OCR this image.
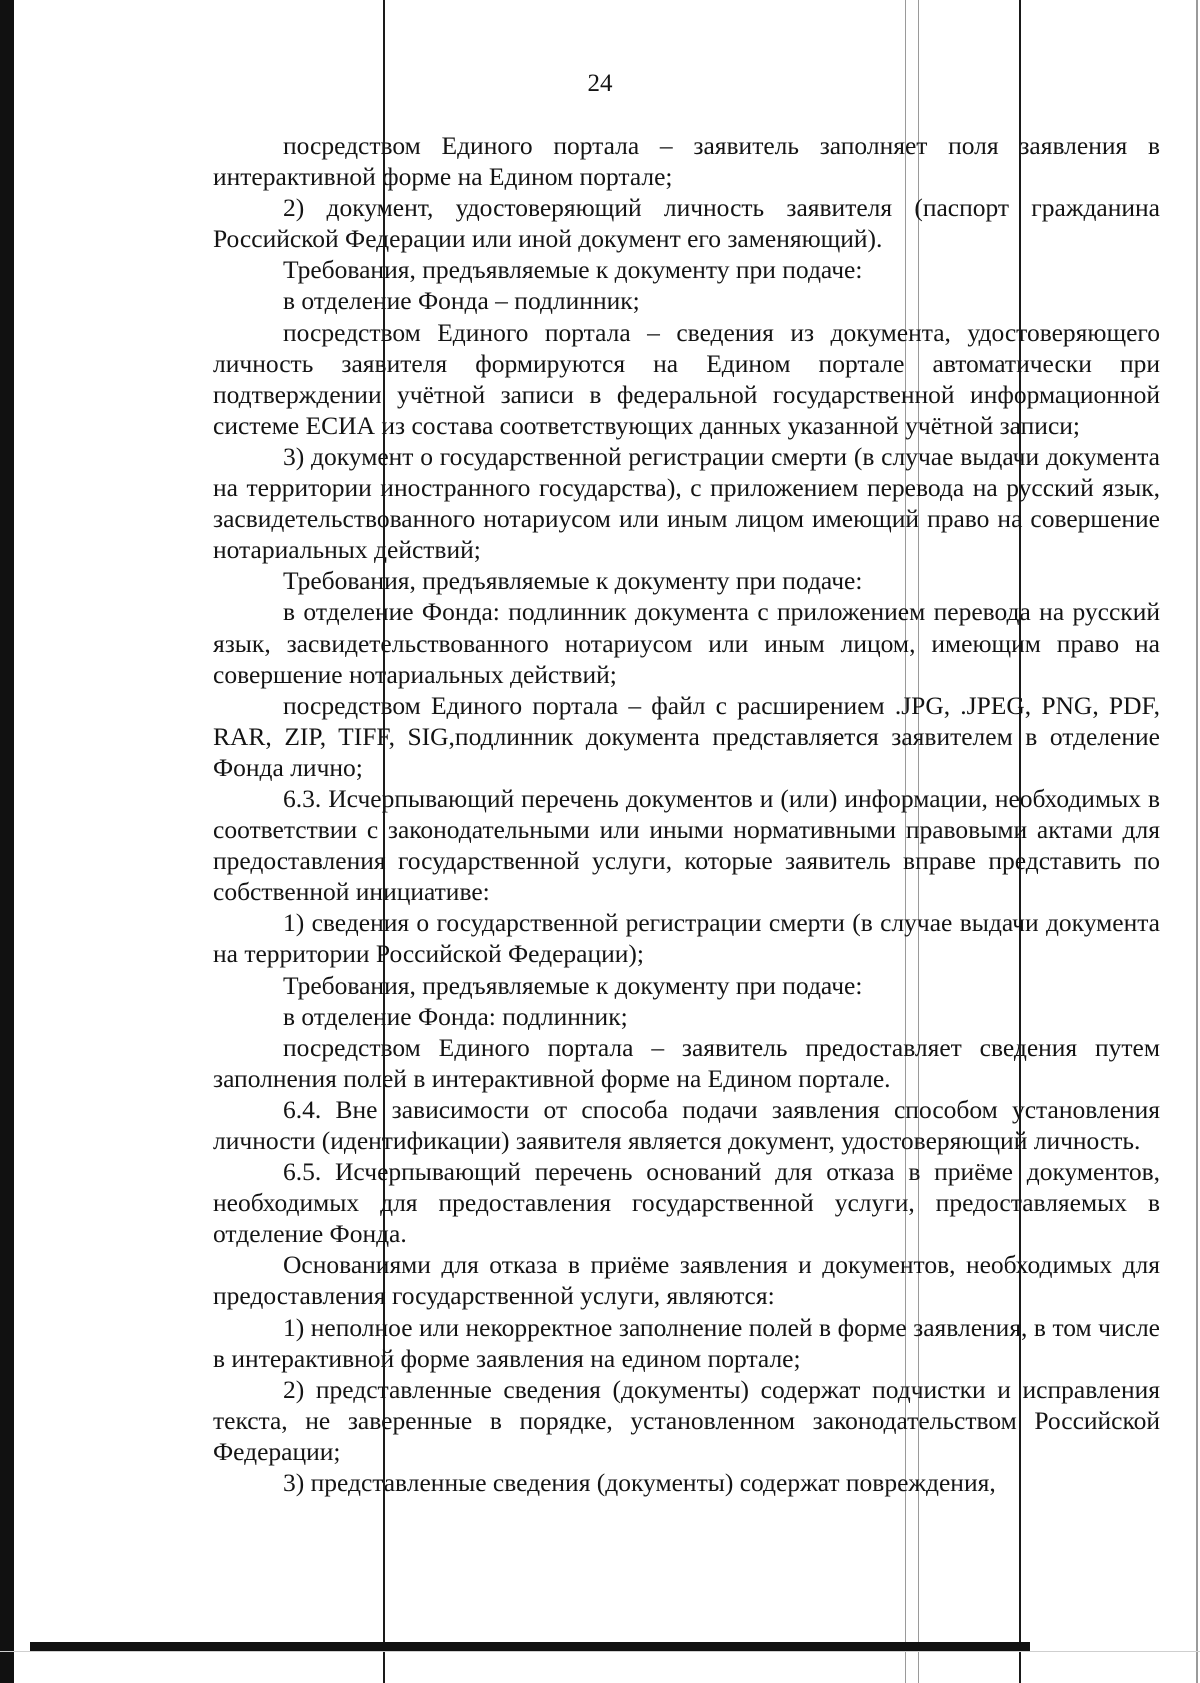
24

посредством Единого портала – заявитель заполняет поля заявления в интерактивной форме на Едином портале;

2) документ, удостоверяющий личность заявителя (паспорт гражданина Российской Федерации или иной документ его заменяющий).

Требования, предъявляемые к документу при подаче:

в отделение Фонда – подлинник;

посредством Единого портала – сведения из документа, удостоверяющего личность заявителя формируются на Едином портале автоматически при подтверждении учётной записи в федеральной государственной информационной системе ЕСИА из состава соответствующих данных указанной учётной записи;

3) документ о государственной регистрации смерти (в случае выдачи документа на территории иностранного государства), с приложением перевода на русский язык, засвидетельствованного нотариусом или иным лицом имеющий право на совершение нотариальных действий;

Требования, предъявляемые к документу при подаче:

в отделение Фонда: подлинник документа с приложением перевода на русский язык, засвидетельствованного нотариусом или иным лицом, имеющим право на совершение нотариальных действий;

посредством Единого портала – файл с расширением .JPG, .JPEG, PNG, PDF, RAR, ZIP, TIFF, SIG,подлинник документа представляется заявителем в отделение Фонда лично;

6.3. Исчерпывающий перечень документов и (или) информации, необходимых в соответствии с законодательными или иными нормативными правовыми актами для предоставления государственной услуги, которые заявитель вправе представить по собственной инициативе:

1) сведения о государственной регистрации смерти (в случае выдачи документа на территории Российской Федерации);

Требования, предъявляемые к документу при подаче:

в отделение Фонда: подлинник;

посредством Единого портала – заявитель предоставляет сведения путем заполнения полей в интерактивной форме на Едином портале.

6.4. Вне зависимости от способа подачи заявления способом установления личности (идентификации) заявителя является документ, удостоверяющий личность.

6.5. Исчерпывающий перечень оснований для отказа в приёме документов, необходимых для предоставления государственной услуги, предоставляемых в отделение Фонда.

Основаниями для отказа в приёме заявления и документов, необходимых для предоставления государственной услуги, являются:

1) неполное или некорректное заполнение полей в форме заявления, в том числе в интерактивной форме заявления на едином портале;

2) представленные сведения (документы) содержат подчистки и исправления текста, не заверенные в порядке, установленном законодательством Российской Федерации;

3) представленные сведения (документы) содержат повреждения,
